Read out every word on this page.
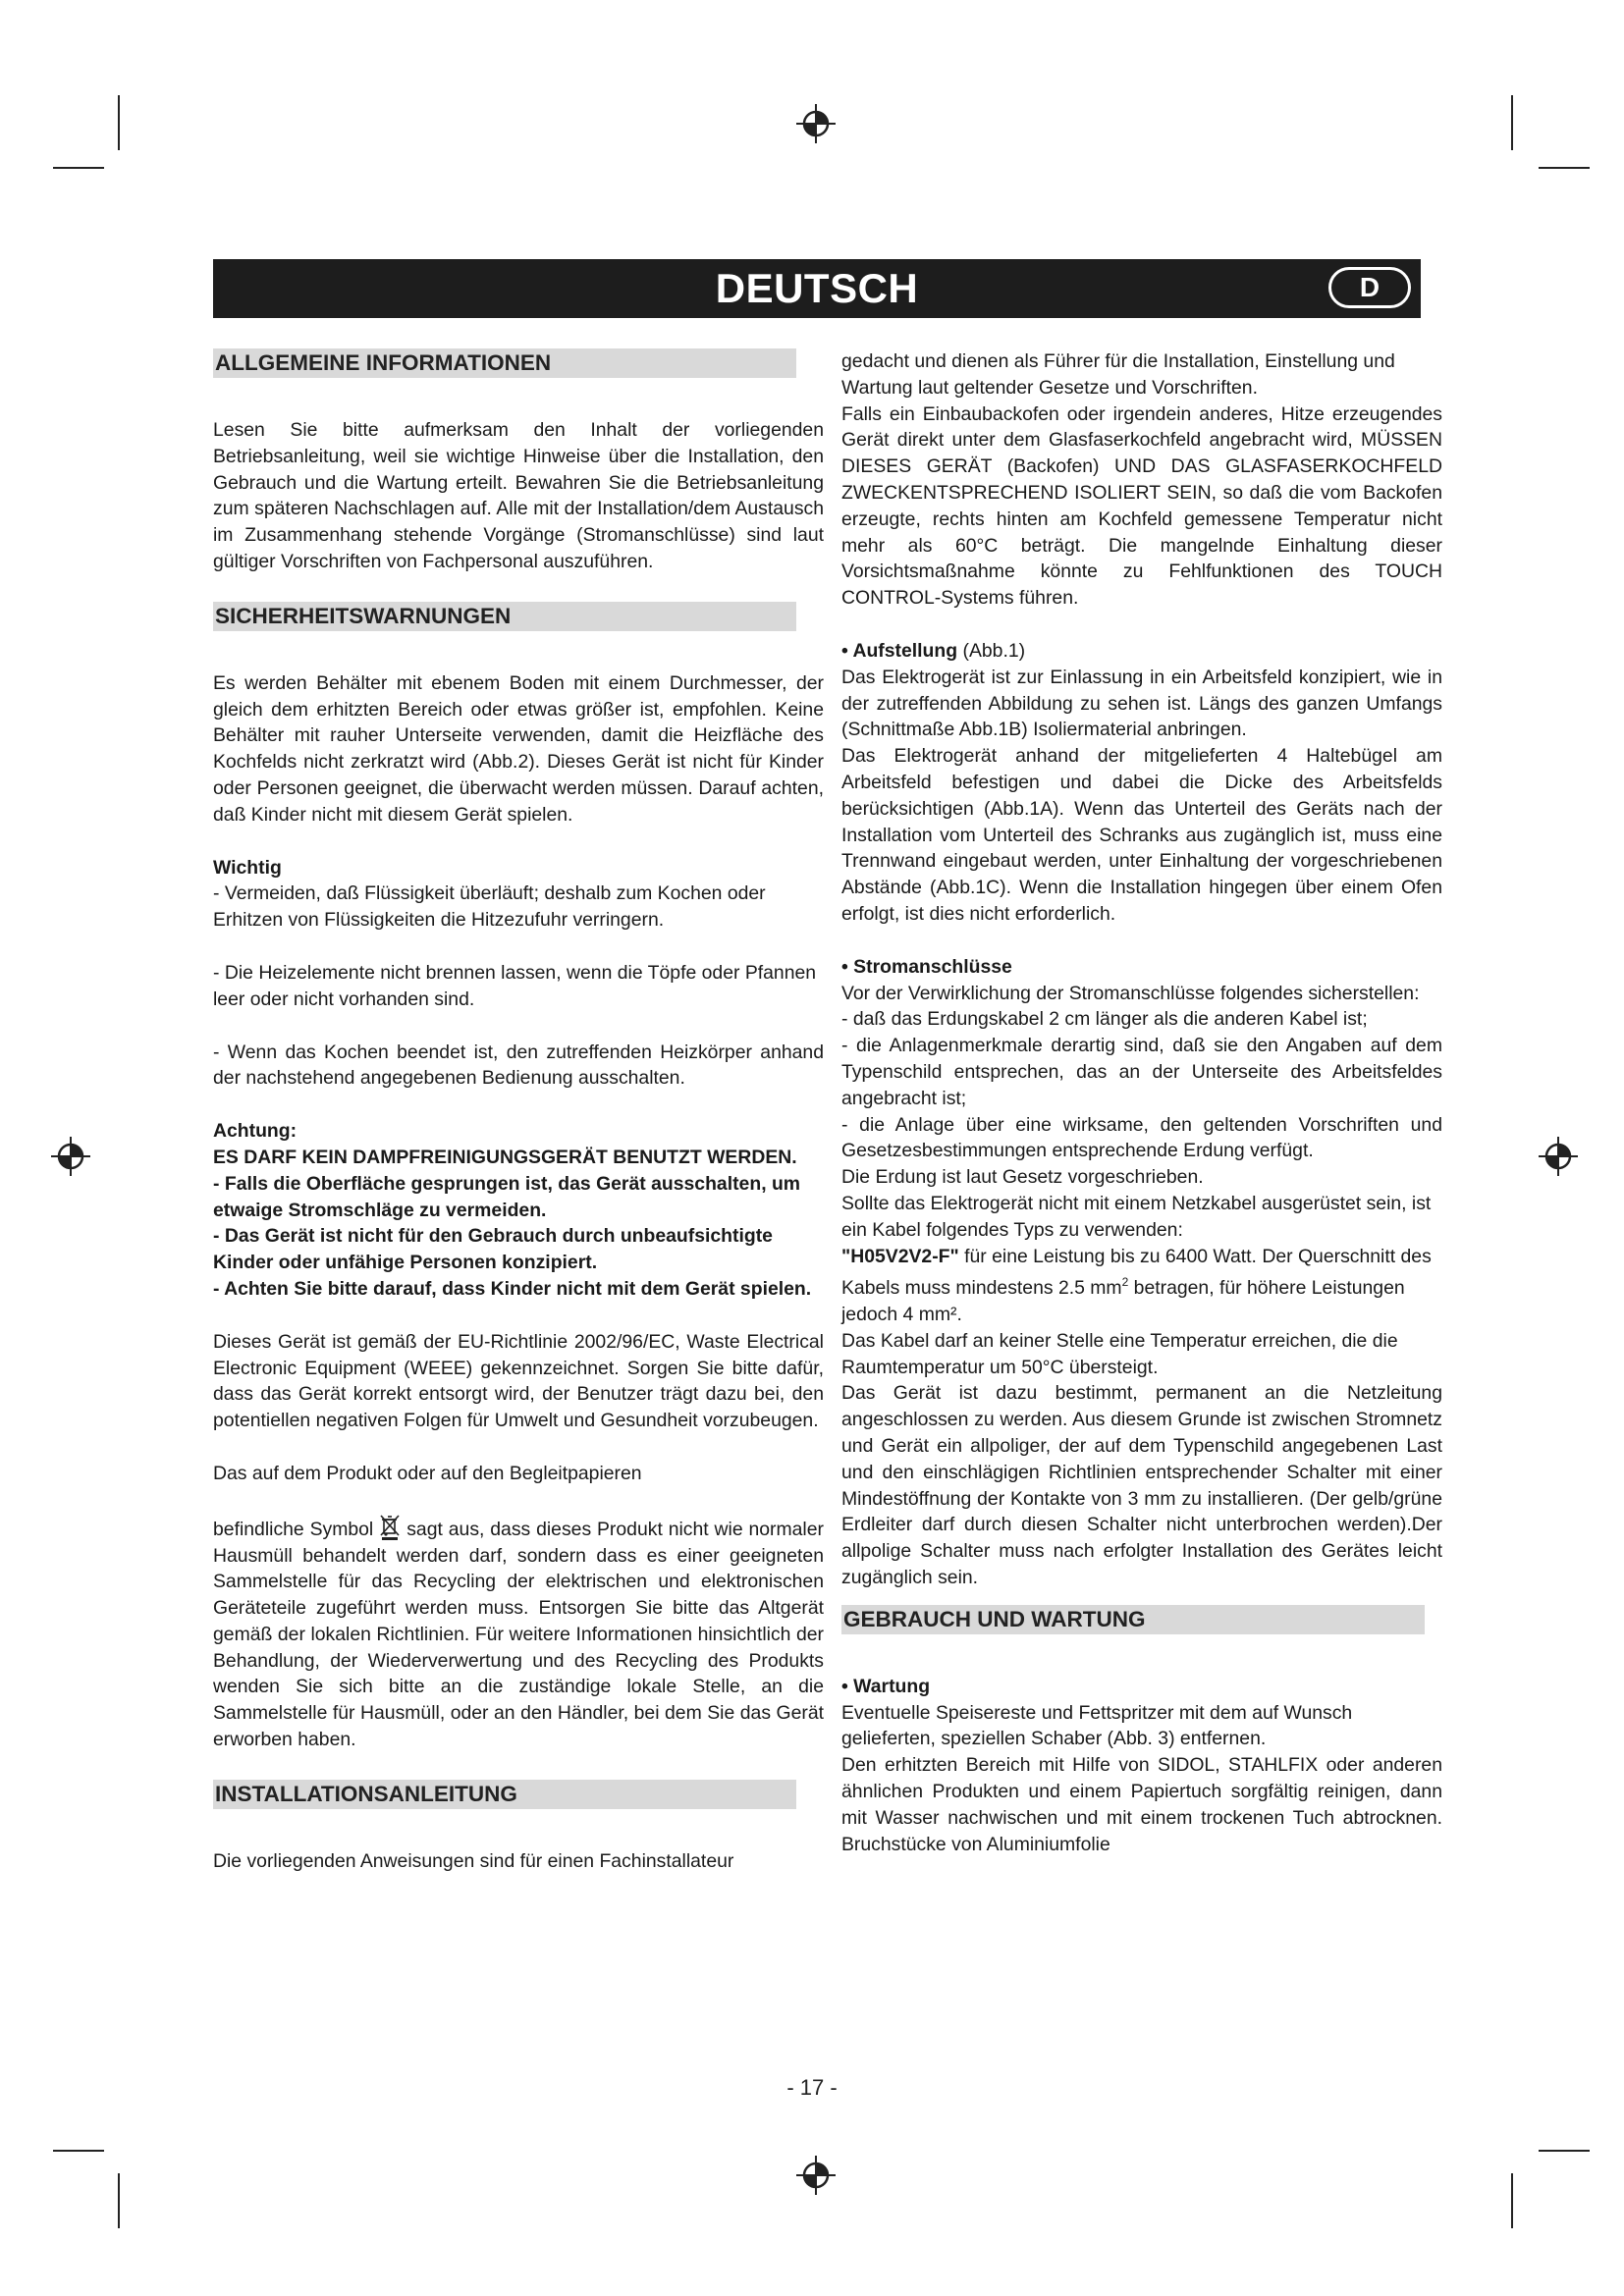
DEUTSCH	D
ALLGEMEINE INFORMATIONEN

Lesen Sie bitte aufmerksam den Inhalt der vorliegenden Betriebsanleitung, weil sie wichtige Hinweise über die Installation, den Gebrauch und die Wartung erteilt. Bewahren Sie die Betriebsanleitung zum späteren Nachschlagen auf. Alle mit der Installation/dem Austausch im Zusammenhang stehende Vorgänge (Stromanschlüsse) sind laut gültiger Vorschriften von Fachpersonal auszuführen.

SICHERHEITSWARNUNGEN

Es werden Behälter mit ebenem Boden mit einem Durchmesser, der gleich dem erhitzten Bereich oder etwas größer ist, empfohlen. Keine Behälter mit rauher Unterseite verwenden, damit die Heizfläche des Kochfelds nicht zerkratzt wird (Abb.2). Dieses Gerät ist nicht für Kinder oder Personen geeignet, die überwacht werden müssen. Darauf achten, daß Kinder nicht mit diesem Gerät spielen.

Wichtig

- Vermeiden, daß Flüssigkeit überläuft; deshalb zum Kochen oder Erhitzen von Flüssigkeiten die Hitzezufuhr verringern.

- Die Heizelemente nicht brennen lassen, wenn die Töpfe oder Pfannen leer oder nicht vorhanden sind.

- Wenn das Kochen beendet ist, den zutreffenden Heizkörper anhand der nachstehend angegebenen Bedienung ausschalten.

Achtung:

ES DARF KEIN DAMPFREINIGUNGSGERÄT BENUTZT WERDEN.

- Falls die Oberfläche gesprungen ist, das Gerät ausschalten, um etwaige Stromschläge zu vermeiden.

- Das Gerät ist nicht für den Gebrauch durch unbeaufsichtigte Kinder oder unfähige Personen konzipiert.

- Achten Sie bitte darauf, dass Kinder nicht mit dem Gerät spielen.

Dieses Gerät ist gemäß der EU-Richtlinie 2002/96/EC, Waste Electrical Electronic Equipment (WEEE) gekennzeichnet. Sorgen Sie bitte dafür, dass das Gerät korrekt entsorgt wird, der Benutzer trägt dazu bei, den potentiellen negativen Folgen für Umwelt und Gesundheit vorzubeugen.

Das auf dem Produkt oder auf den Begleitpapieren

befindliche Symbol sagt aus, dass dieses Produkt nicht wie normaler Hausmüll behandelt werden darf, sondern dass es einer geeigneten Sammelstelle für das Recycling der elektrischen und elektronischen Geräteteile zugeführt werden muss. Entsorgen Sie bitte das Altgerät gemäß der lokalen Richtlinien. Für weitere Informationen hinsichtlich der Behandlung, der Wiederverwertung und des Recycling des Produkts wenden Sie sich bitte an die zuständige lokale Stelle, an die Sammelstelle für Hausmüll, oder an den Händler, bei dem Sie das Gerät erworben haben.

INSTALLATIONSANLEITUNG

Die vorliegenden Anweisungen sind für einen Fachinstallateur

gedacht und dienen als Führer für die Installation, Einstellung und Wartung laut geltender Gesetze und Vorschriften.

Falls ein Einbaubackofen oder irgendein anderes, Hitze erzeugendes Gerät direkt unter dem Glasfaserkochfeld angebracht wird, MÜSSEN DIESES GERÄT (Backofen) UND DAS GLASFASERKOCHFELD ZWECKENTSPRECHEND ISOLIERT SEIN, so daß die vom Backofen erzeugte, rechts hinten am Kochfeld gemessene Temperatur nicht mehr als 60°C beträgt. Die mangelnde Einhaltung dieser Vorsichtsmaßnahme könnte zu Fehlfunktionen des TOUCH CONTROL-Systems führen.

• Aufstellung (Abb.1)

Das Elektrogerät ist zur Einlassung in ein Arbeitsfeld konzipiert, wie in der zutreffenden Abbildung zu sehen ist. Längs des ganzen Umfangs (Schnittmaße Abb.1B) Isoliermaterial anbringen.

Das Elektrogerät anhand der mitgelieferten 4 Haltebügel am Arbeitsfeld befestigen und dabei die Dicke des Arbeitsfelds berücksichtigen (Abb.1A). Wenn das Unterteil des Geräts nach der Installation vom Unterteil des Schranks aus zugänglich ist, muss eine Trennwand eingebaut werden, unter Einhaltung der vorgeschriebenen Abstände (Abb.1C). Wenn die Installation hingegen über einem Ofen erfolgt, ist dies nicht erforderlich.

• Stromanschlüsse

Vor der Verwirklichung der Stromanschlüsse folgendes sicherstellen:

- daß das Erdungskabel 2 cm länger als die anderen Kabel ist;

- die Anlagenmerkmale derartig sind, daß sie den Angaben auf dem Typenschild entsprechen, das an der Unterseite des Arbeitsfeldes angebracht ist;

- die Anlage über eine wirksame, den geltenden Vorschriften und Gesetzesbestimmungen entsprechende Erdung verfügt.

Die Erdung ist laut Gesetz vorgeschrieben.

Sollte das Elektrogerät nicht mit einem Netzkabel ausgerüstet sein, ist ein Kabel folgendes Typs zu verwenden:

"H05V2V2-F" für eine Leistung bis zu 6400 Watt. Der Querschnitt des Kabels muss mindestens 2.5 $mm^2$ betragen, für höhere Leistungen jedoch 4 mm².

Das Kabel darf an keiner Stelle eine Temperatur erreichen, die die Raumtemperatur um 50°C übersteigt.

Das Gerät ist dazu bestimmt, permanent an die Netzleitung angeschlossen zu werden. Aus diesem Grunde ist zwischen Stromnetz und Gerät ein allpoliger, der auf dem Typenschild angegebenen Last und den einschlägigen Richtlinien entsprechender Schalter mit einer Mindestöffnung der Kontakte von 3 mm zu installieren. (Der gelb/grüne Erdleiter darf durch diesen Schalter nicht unterbrochen werden).Der allpolige Schalter muss nach erfolgter Installation des Gerätes leicht zugänglich sein.

GEBRAUCH UND WARTUNG

• Wartung

Eventuelle Speisereste und Fettspritzer mit dem auf Wunsch gelieferten, speziellen Schaber (Abb. 3) entfernen.

Den erhitzten Bereich mit Hilfe von SIDOL, STAHLFIX oder anderen ähnlichen Produkten und einem Papiertuch sorgfältig reinigen, dann mit Wasser nachwischen und mit einem trockenen Tuch abtrocknen. Bruchstücke von Aluminiumfolie

- 17 -
